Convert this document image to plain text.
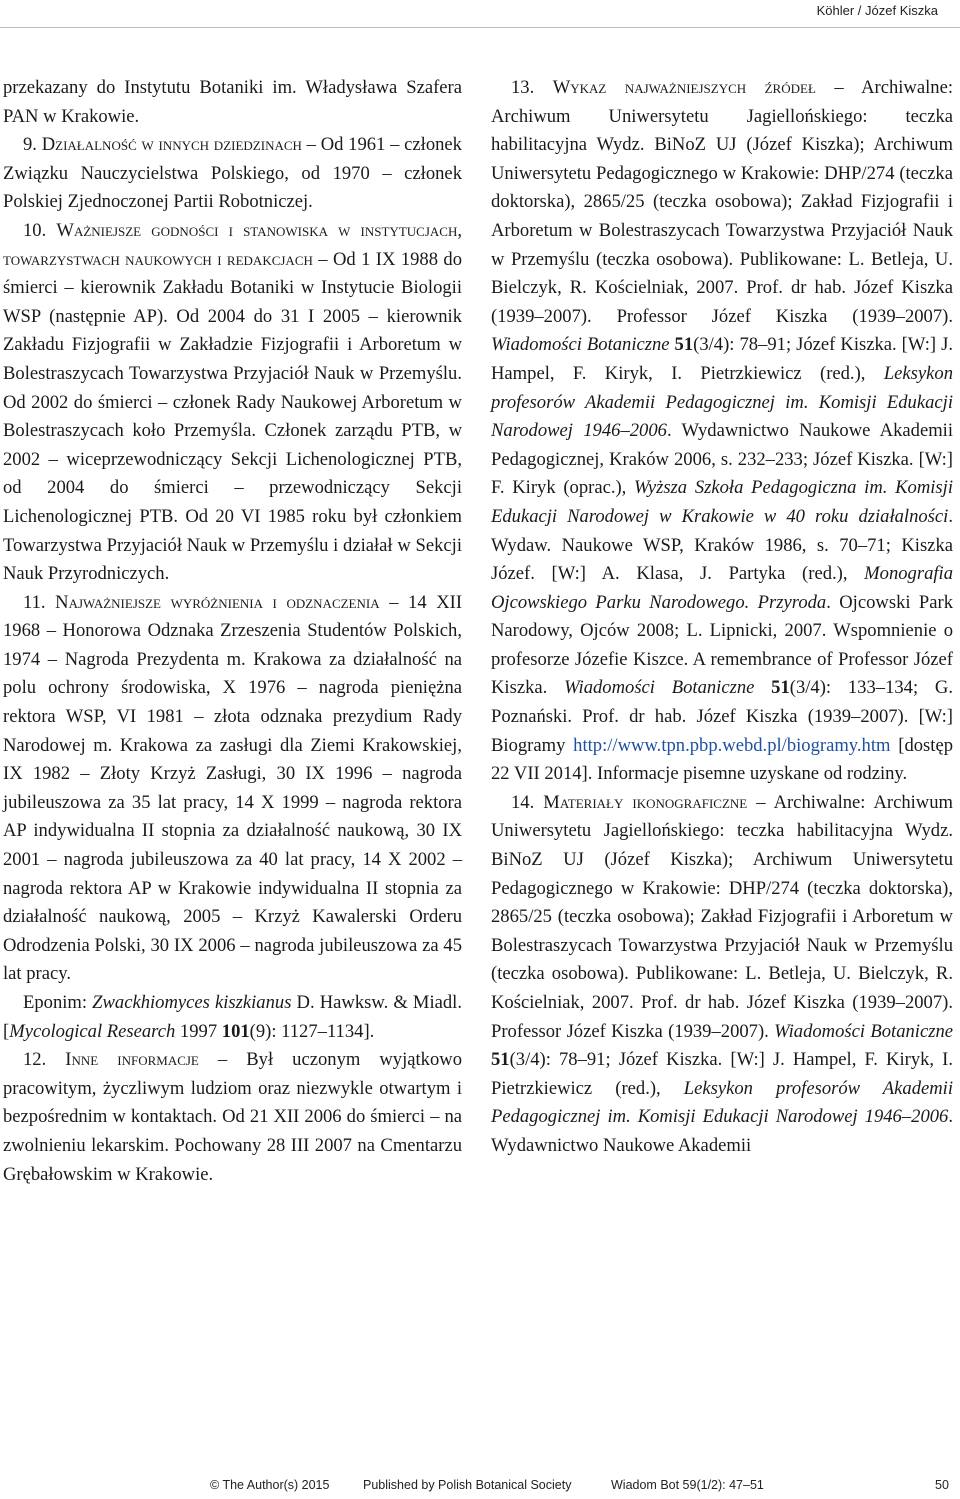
Köhler / Józef Kiszka

przekazany do Instytutu Botaniki im. Władysława Szafera PAN w Krakowie.

9. Działalność w innych dziedzinach – Od 1961 – członek Związku Nauczycielstwa Polskiego, od 1970 – członek Polskiej Zjednoczonej Partii Robotniczej.

10. Ważniejsze godności i stanowiska w instytucjach, towarzystwach naukowych i redakcjach – Od 1 IX 1988 do śmierci – kierownik Zakładu Botaniki w Instytucie Biologii WSP (następnie AP). Od 2004 do 31 I 2005 – kierownik Zakładu Fizjografii w Zakładzie Fizjografii i Arboretum w Bolestraszycach Towarzystwa Przyjaciół Nauk w Przemyślu. Od 2002 do śmierci – członek Rady Naukowej Arboretum w Bolestraszycach koło Przemyśla. Członek zarządu PTB, w 2002 – wiceprzewodniczący Sekcji Lichenologicznej PTB, od 2004 do śmierci – przewodniczący Sekcji Lichenologicznej PTB. Od 20 VI 1985 roku był członkiem Towarzystwa Przyjaciół Nauk w Przemyślu i działał w Sekcji Nauk Przyrodniczych.

11. Najważniejsze wyróżnienia i odznaczenia – 14 XII 1968 – Honorowa Odznaka Zrzeszenia Studentów Polskich, 1974 – Nagroda Prezydenta m. Krakowa za działalność na polu ochrony środowiska, X 1976 – nagroda pieniężna rektora WSP, VI 1981 – złota odznaka prezydium Rady Narodowej m. Krakowa za zasługi dla Ziemi Krakowskiej, IX 1982 – Złoty Krzyż Zasługi, 30 IX 1996 – nagroda jubileuszowa za 35 lat pracy, 14 X 1999 – nagroda rektora AP indywidualna II stopnia za działalność naukową, 30 IX 2001 – nagroda jubileuszowa za 40 lat pracy, 14 X 2002 – nagroda rektora AP w Krakowie indywidualna II stopnia za działalność naukową, 2005 – Krzyż Kawalerski Orderu Odrodzenia Polski, 30 IX 2006 – nagroda jubileuszowa za 45 lat pracy.

Eponim: Zwackhiomyces kiszkianus D. Hawksw. & Miadl. [Mycological Research 1997 101(9): 1127–1134].

12. Inne informacje – Był uczonym wyjątkowo pracowitym, życzliwym ludziom oraz niezwykle otwartym i bezpośrednim w kontaktach. Od 21 XII 2006 do śmierci – na zwolnieniu lekarskim. Pochowany 28 III 2007 na Cmentarzu Grębałowskim w Krakowie.

13. Wykaz najważniejszych źródeł – Archiwalne: Archiwum Uniwersytetu Jagiellońskiego: teczka habilitacyjna Wydz. BiNoZ UJ (Józef Kiszka); Archiwum Uniwersytetu Pedagogicznego w Krakowie: DHP/274 (teczka doktorska), 2865/25 (teczka osobowa); Zakład Fizjografii i Arboretum w Bolestraszycach Towarzystwa Przyjaciół Nauk w Przemyślu (teczka osobowa). Publikowane: L. Betleja, U. Bielczyk, R. Kościelniak, 2007. Prof. dr hab. Józef Kiszka (1939–2007). Professor Józef Kiszka (1939–2007). Wiadomości Botaniczne 51(3/4): 78–91; Józef Kiszka. [W:] J. Hampel, F. Kiryk, I. Pietrzkiewicz (red.), Leksykon profesorów Akademii Pedagogicznej im. Komisji Edukacji Narodowej 1946–2006. Wydawnictwo Naukowe Akademii Pedagogicznej, Kraków 2006, s. 232–233; Józef Kiszka. [W:] F. Kiryk (oprac.), Wyższa Szkoła Pedagogiczna im. Komisji Edukacji Narodowej w Krakowie w 40 roku działalności. Wydaw. Naukowe WSP, Kraków 1986, s. 70–71; Kiszka Józef. [W:] A. Klasa, J. Partyka (red.), Monografia Ojcowskiego Parku Narodowego. Przyroda. Ojcowski Park Narodowy, Ojców 2008; L. Lipnicki, 2007. Wspomnienie o profesorze Józefie Kiszce. A remembrance of Professor Józef Kiszka. Wiadomości Botaniczne 51(3/4): 133–134; G. Poznański. Prof. dr hab. Józef Kiszka (1939–2007). [W:] Biogramy http://www.tpn.pbp.webd.pl/biogramy.htm [dostęp 22 VII 2014]. Informacje pisemne uzyskane od rodziny.

14. Materiały ikonograficzne – Archiwalne: Archiwum Uniwersytetu Jagiellońskiego: teczka habilitacyjna Wydz. BiNoZ UJ (Józef Kiszka); Archiwum Uniwersytetu Pedagogicznego w Krakowie: DHP/274 (teczka doktorska), 2865/25 (teczka osobowa); Zakład Fizjografii i Arboretum w Bolestraszycach Towarzystwa Przyjaciół Nauk w Przemyślu (teczka osobowa). Publikowane: L. Betleja, U. Bielczyk, R. Kościelniak, 2007. Prof. dr hab. Józef Kiszka (1939–2007). Professor Józef Kiszka (1939–2007). Wiadomości Botaniczne 51(3/4): 78–91; Józef Kiszka. [W:] J. Hampel, F. Kiryk, I. Pietrzkiewicz (red.), Leksykon profesorów Akademii Pedagogicznej im. Komisji Edukacji Narodowej 1946–2006. Wydawnictwo Naukowe Akademii

© The Author(s) 2015	Published by Polish Botanical Society	Wiadom Bot 59(1/2): 47–51	50
